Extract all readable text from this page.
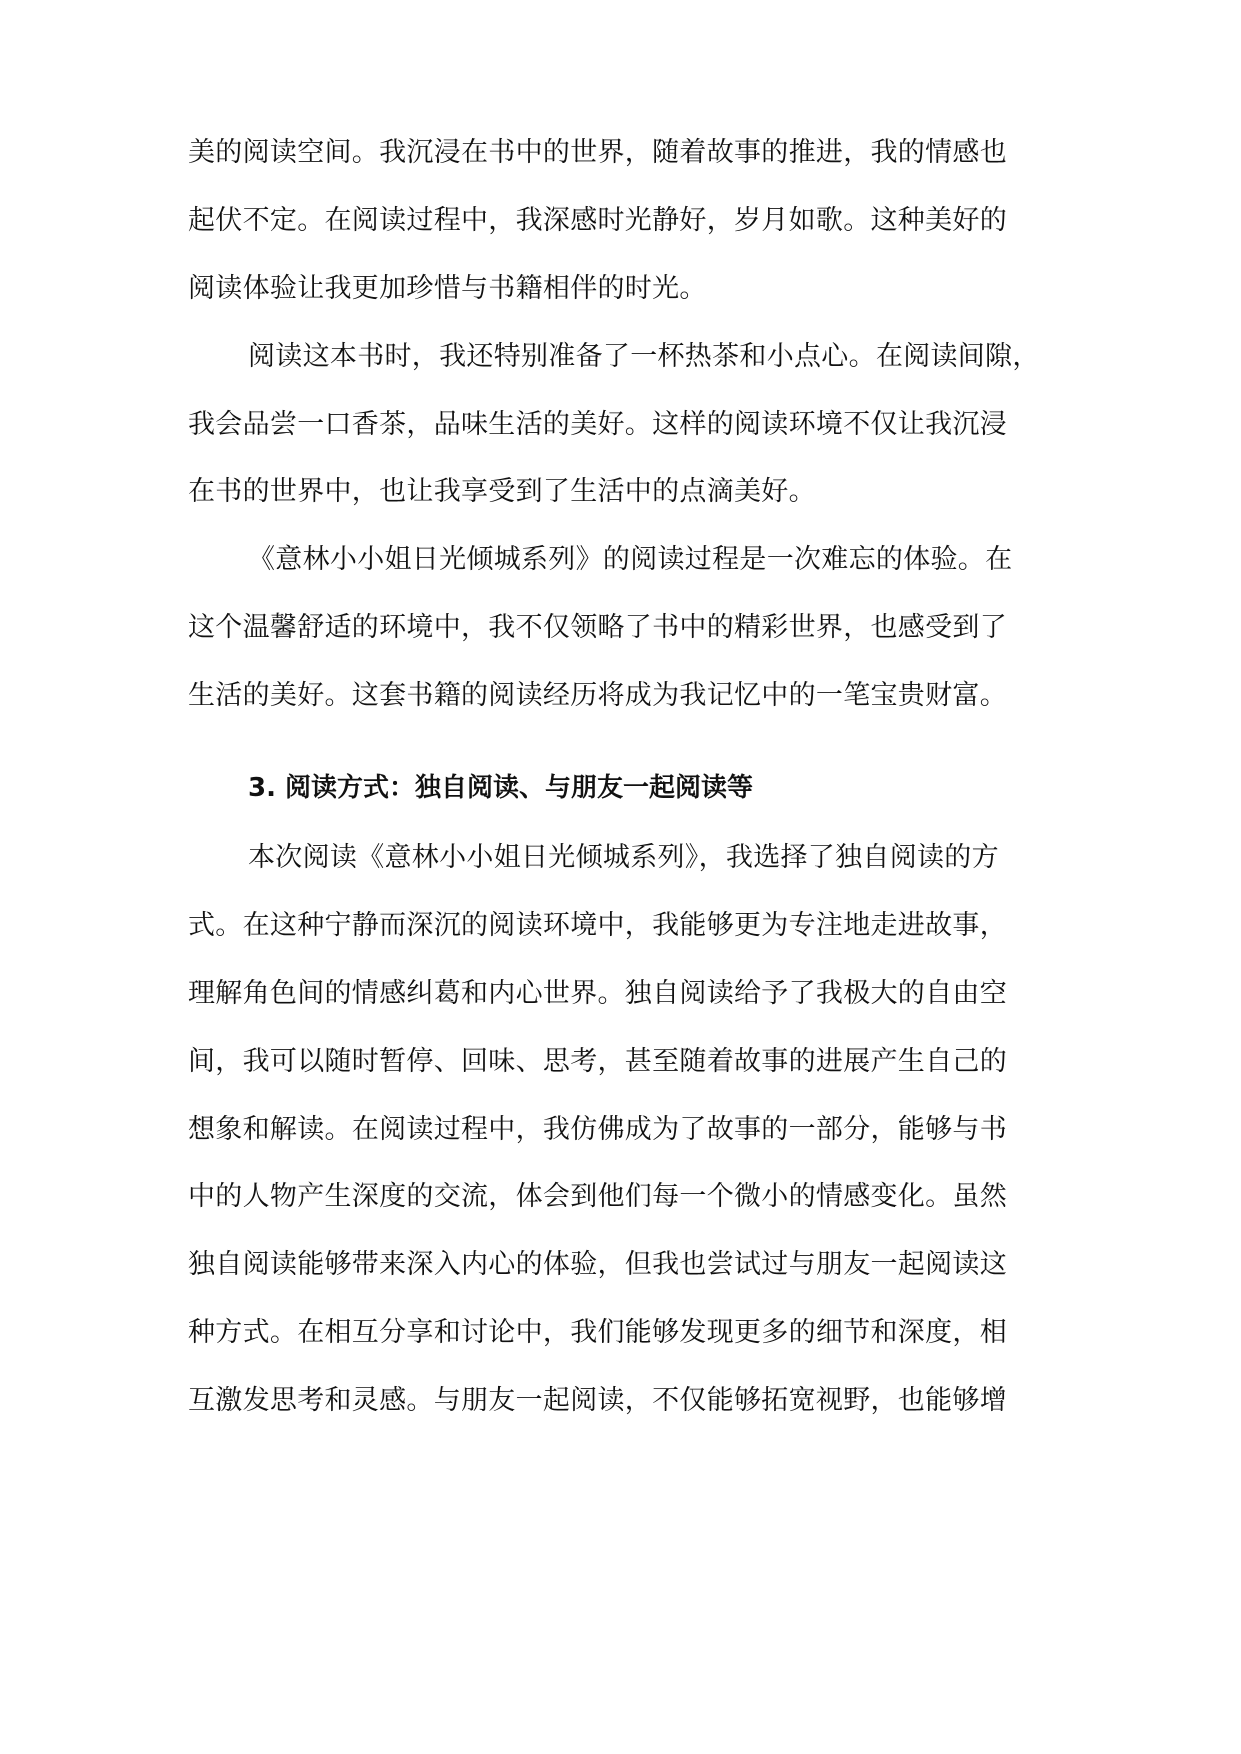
美的阅读空间。我沉浸在书中的世界，随着故事的推进，我的情感也

起伏不定。在阅读过程中，我深感时光静好，岁月如歌。这种美好的

阅读体验让我更加珍惜与书籍相伴的时光。

阅读这本书时，我还特别准备了一杯热茶和小点心。在阅读间隙，

我会品尝一口香茶，品味生活的美好。这样的阅读环境不仅让我沉浸

在书的世界中，也让我享受到了生活中的点滴美好。

《意林小小姐日光倾城系列》的阅读过程是一次难忘的体验。在

这个温馨舒适的环境中，我不仅领略了书中的精彩世界，也感受到了

生活的美好。这套书籍的阅读经历将成为我记忆中的一笔宝贵财富。

3. 阅读方式：独自阅读、与朋友一起阅读等

本次阅读《意林小小姐日光倾城系列》，我选择了独自阅读的方

式。在这种宁静而深沉的阅读环境中，我能够更为专注地走进故事，

理解角色间的情感纠葛和内心世界。独自阅读给予了我极大的自由空

间，我可以随时暂停、回味、思考，甚至随着故事的进展产生自己的

想象和解读。在阅读过程中，我仿佛成为了故事的一部分，能够与书

中的人物产生深度的交流，体会到他们每一个微小的情感变化。虽然

独自阅读能够带来深入内心的体验，但我也尝试过与朋友一起阅读这

种方式。在相互分享和讨论中，我们能够发现更多的细节和深度，相

互激发思考和灵感。与朋友一起阅读，不仅能够拓宽视野，也能够增
